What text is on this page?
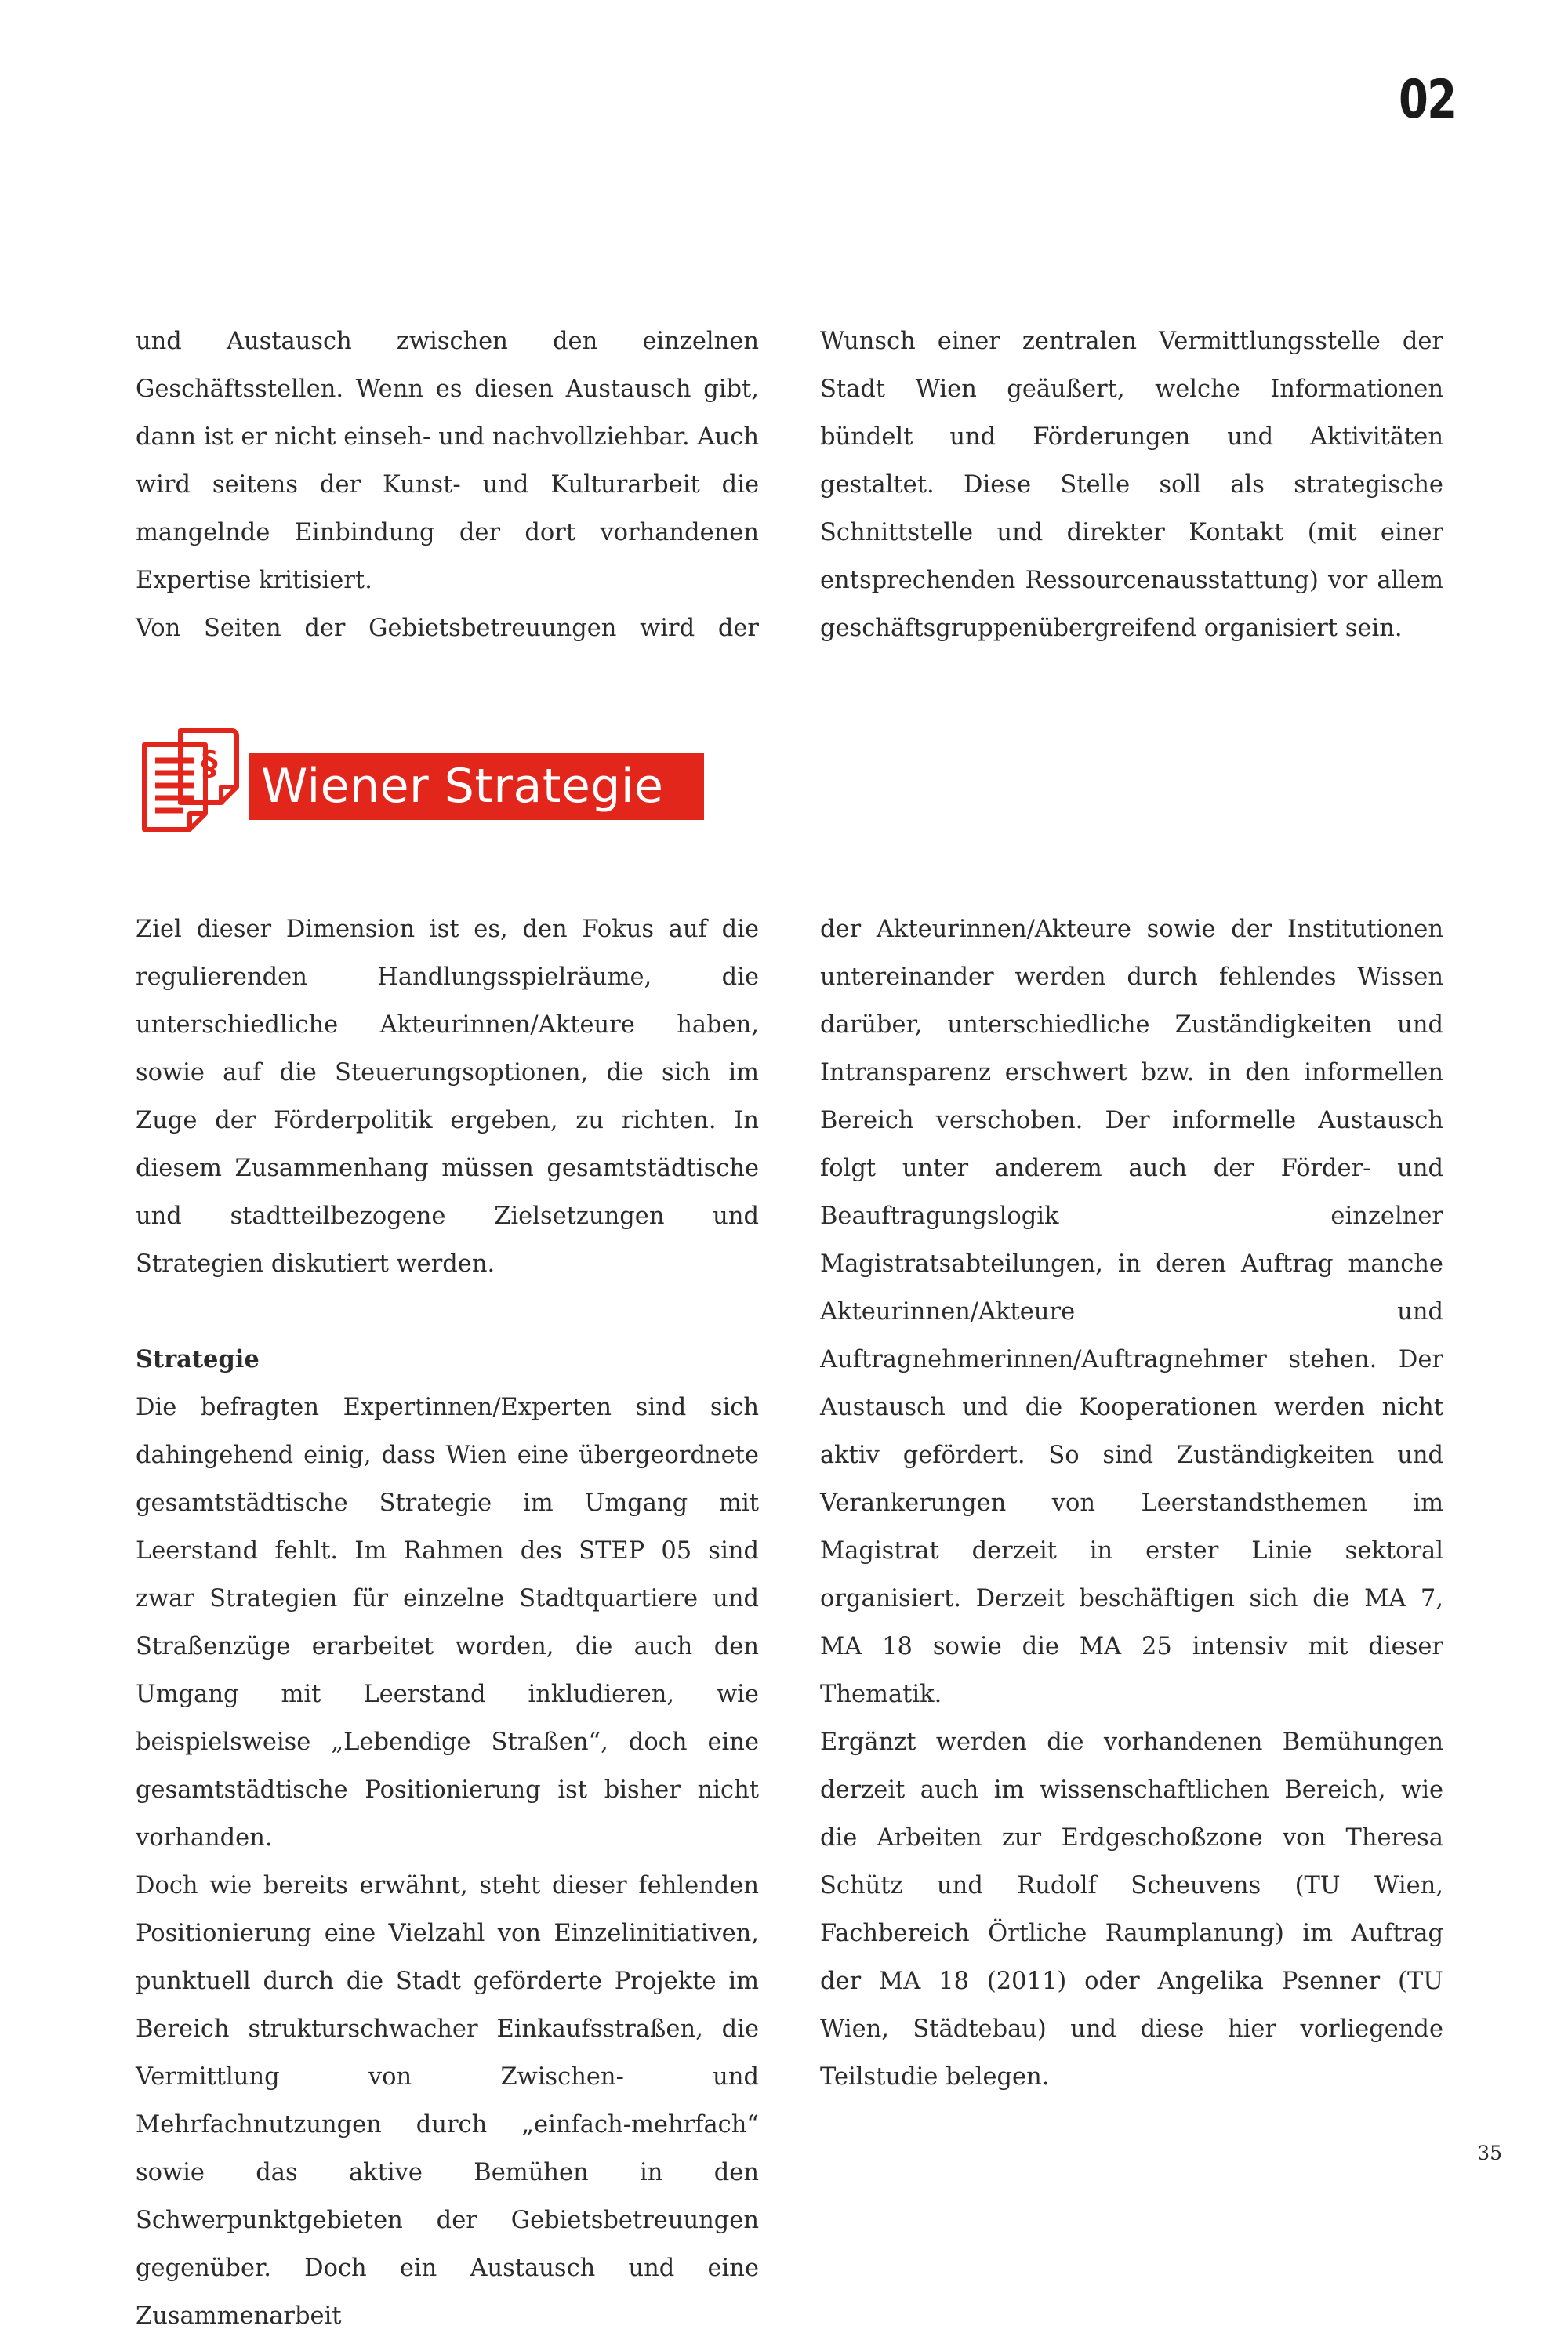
02

und Austausch zwischen den einzelnen Geschäftsstellen. Wenn es diesen Austausch gibt, dann ist er nicht einseh- und nachvollziehbar. Auch wird seitens der Kunst- und Kulturarbeit die mangelnde Einbindung der dort vorhandenen Expertise kritisiert.

Von Seiten der Gebietsbetreuungen wird der

Wunsch einer zentralen Vermittlungsstelle der Stadt Wien geäußert, welche Informationen bündelt und Förderungen und Aktivitäten gestaltet. Diese Stelle soll als strategische Schnittstelle und direkter Kontakt (mit einer entsprechenden Ressourcenausstattung) vor allem geschäftsgruppenübergreifend organisiert sein.

§ Wiener Strategie

Ziel dieser Dimension ist es, den Fokus auf die regulierenden Handlungsspielräume, die unterschiedliche Akteurinnen/Akteure haben, sowie auf die Steuerungsoptionen, die sich im Zuge der Förderpolitik ergeben, zu richten. In diesem Zusammenhang müssen gesamtstädtische und stadtteilbezogene Zielsetzungen und Strategien diskutiert werden.

Strategie

Die befragten Expertinnen/Experten sind sich dahingehend einig, dass Wien eine übergeordnete gesamtstädtische Strategie im Umgang mit Leerstand fehlt. Im Rahmen des STEP 05 sind zwar Strategien für einzelne Stadtquartiere und Straßenzüge erarbeitet worden, die auch den Umgang mit Leerstand inkludieren, wie beispielsweise „Lebendige Straßen“, doch eine gesamtstädtische Positionierung ist bisher nicht vorhanden.

Doch wie bereits erwähnt, steht dieser fehlenden Positionierung eine Vielzahl von Einzelinitiativen, punktuell durch die Stadt geförderte Projekte im Bereich strukturschwacher Einkaufsstraßen, die Vermittlung von Zwischen- und Mehrfachnutzungen durch „einfach-mehrfach“ sowie das aktive Bemühen in den Schwerpunktgebieten der Gebietsbetreuungen gegenüber. Doch ein Austausch und eine Zusammenarbeit

der Akteurinnen/Akteure sowie der Institutionen untereinander werden durch fehlendes Wissen darüber, unterschiedliche Zuständigkeiten und Intransparenz erschwert bzw. in den informellen Bereich verschoben. Der informelle Austausch folgt unter anderem auch der Förder- und Beauftragungslogik einzelner Magistratsabteilungen, in deren Auftrag manche Akteurinnen/Akteure und Auftragnehmerinnen/Auftragnehmer stehen. Der Austausch und die Kooperationen werden nicht aktiv gefördert. So sind Zuständigkeiten und Verankerungen von Leerstandsthemen im Magistrat derzeit in erster Linie sektoral organisiert. Derzeit beschäftigen sich die MA 7, MA 18 sowie die MA 25 intensiv mit dieser Thematik.

Ergänzt werden die vorhandenen Bemühungen derzeit auch im wissenschaftlichen Bereich, wie die Arbeiten zur Erdgeschoßzone von Theresa Schütz und Rudolf Scheuvens (TU Wien, Fachbereich Örtliche Raumplanung) im Auftrag der MA 18 (2011) oder Angelika Psenner (TU Wien, Städtebau) und diese hier vorliegende Teilstudie belegen.

35
